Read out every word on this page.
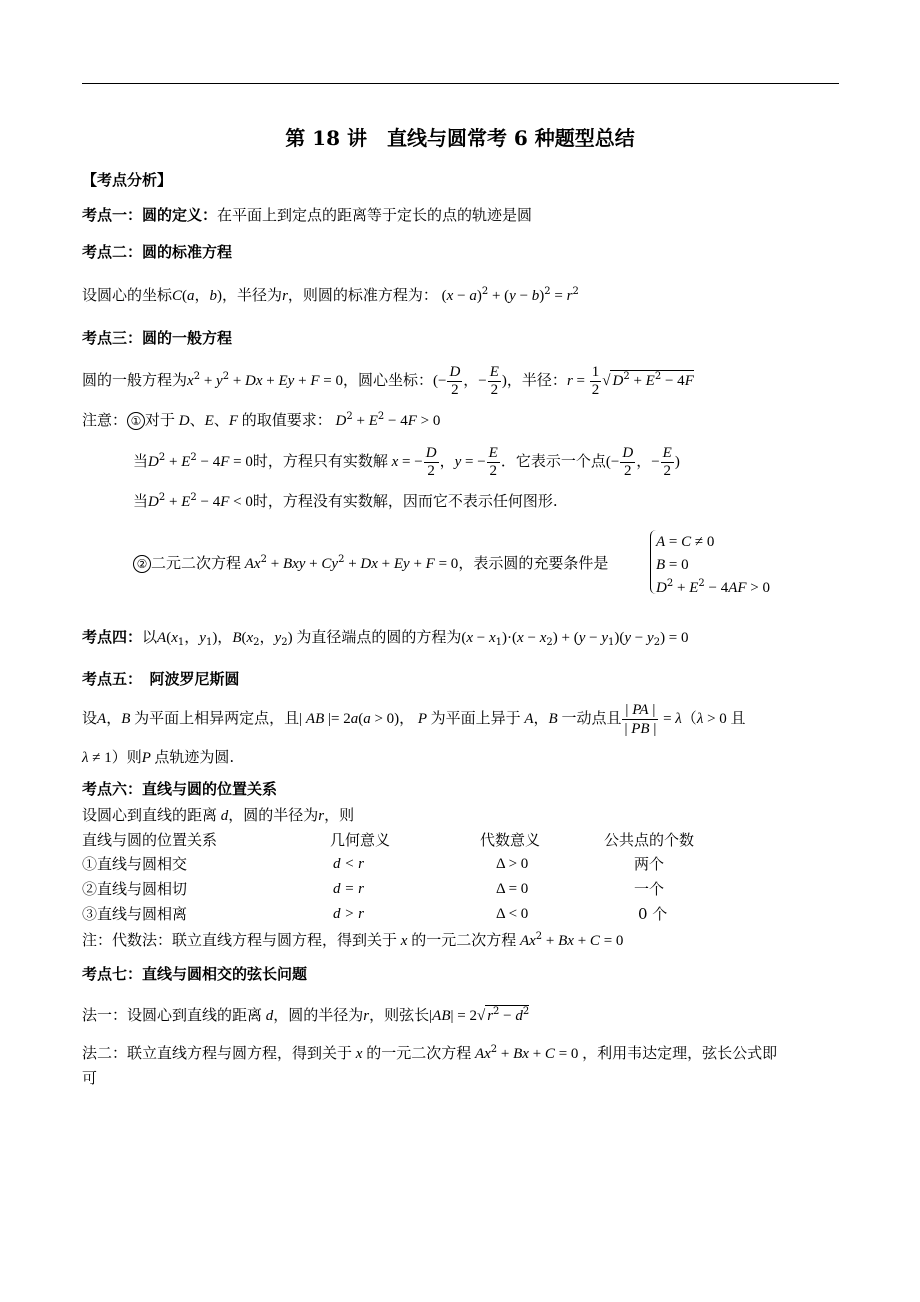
第 18 讲　直线与圆常考 6 种题型总结
【考点分析】
考点一：圆的定义：在平面上到定点的距离等于定长的点的轨迹是圆
考点二：圆的标准方程
设圆心的坐标C(a，b)，半径为r，则圆的标准方程为： $(x - a)^2 + (y - b)^2 = r^2$
考点三：圆的一般方程
圆的一般方程为$x^2 + y^2 + Dx + Ey + F = 0$，圆心坐标：(− $\frac{D}{2}$ ，− $\frac{E}{2}$ )，半径：$r = \frac{1}{2}$ √ $D^2 + E^2 - 4F$
注意： ① 对于 D、E、F 的取值要求： $D^2 + E^2 - 4F > 0$
当$D^2 + E^2 - 4F = 0$时，方程只有实数解 x = − $\frac{D}{2}$ ，y = − $\frac{E}{2}$ ．它表示一个点(− $\frac{D}{2}$ ，− $\frac{E}{2}$ )
当$D^2 + E^2 - 4F < 0$时，方程没有实数解，因而它不表示任何图形.
② 二元二次方程 $Ax^2$ + Bxy + $Cy^2 + Dx + Ey + F = 0$，表示圆的充要条件是
A = C ≠ 0
B = 0
$D^2 + E^2 - 4AF > 0$
考点四：以$A(x_1$，$y_1$)，$B(x_2$，$y_2$) 为直径端点的圆的方程为$(x - x_1)\cdot(x - x_2) + (y - y_1)(y - y_2) = 0$
考点五：　阿波罗尼斯圆
设A，B 为平面上相异两定点，且| AB |= 2a(a > 0)， P 为平面上异于 A，B 一动点且 $\frac{| PA |}{| PB |} = \lambda(\lambda > 0$ 且
λ ≠ 1）则P 点轨迹为圆.
考点六：直线与圆的位置关系
设圆心到直线的距离 d，圆的半径为r，则
直线与圆的位置关系	几何意义	代数意义	公共点的个数
①直线与圆相交	d < r	Δ > 0	两个
②直线与圆相切	d = r	Δ = 0	一个
③直线与圆相离	d > r	Δ < 0	0 个
注：代数法：联立直线方程与圆方程，得到关于 x 的一元二次方程 $Ax^2 + Bx + C = 0$
考点七：直线与圆相交的弦长问题
法一：设圆心到直线的距离 d，圆的半径为r，则弦长|AB| = 2√ $r^2 - d^2$
法二：联立直线方程与圆方程，得到关于 x 的一元二次方程 $Ax^2 + Bx + C = 0$ ，利用韦达定理，弦长公式即
可
